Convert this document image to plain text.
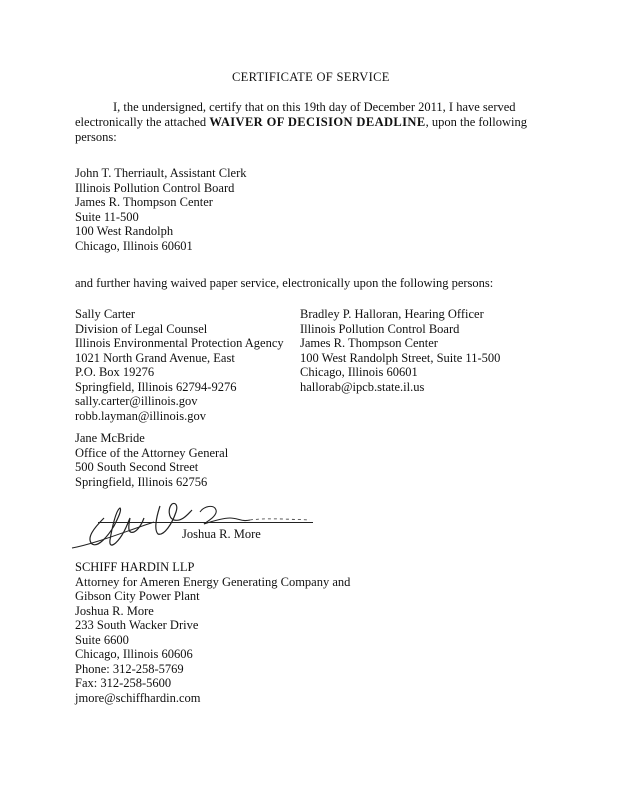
CERTIFICATE OF SERVICE
I, the undersigned, certify that on this 19th day of December 2011, I have served electronically the attached WAIVER OF DECISION DEADLINE, upon the following persons:
John T. Therriault, Assistant Clerk
Illinois Pollution Control Board
James R. Thompson Center
Suite 11-500
100 West Randolph
Chicago, Illinois 60601
and further having waived paper service, electronically upon the following persons:
Sally Carter
Division of Legal Counsel
Illinois Environmental Protection Agency
1021 North Grand Avenue, East
P.O. Box 19276
Springfield, Illinois 62794-9276
sally.carter@illinois.gov
robb.layman@illinois.gov
Bradley P. Halloran, Hearing Officer
Illinois Pollution Control Board
James R. Thompson Center
100 West Randolph Street, Suite 11-500
Chicago, Illinois 60601
hallorab@ipcb.state.il.us
Jane McBride
Office of the Attorney General
500 South Second Street
Springfield, Illinois 62756
Joshua R. More
SCHIFF HARDIN LLP
Attorney for Ameren Energy Generating Company and
Gibson City Power Plant
Joshua R. More
233 South Wacker Drive
Suite 6600
Chicago, Illinois 60606
Phone: 312-258-5769
Fax: 312-258-5600
jmore@schiffhardin.com
